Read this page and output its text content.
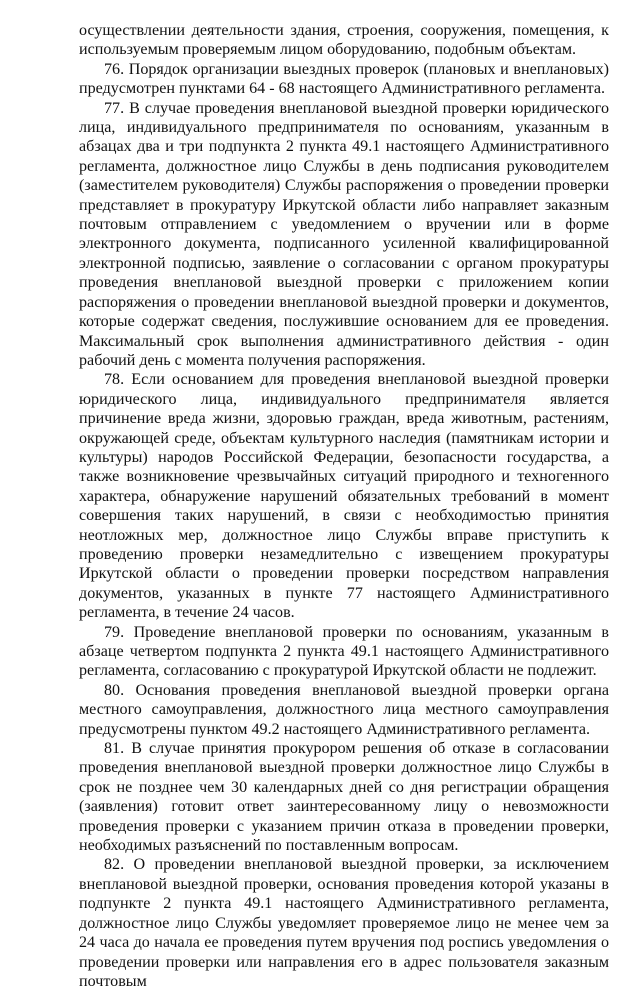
осуществлении деятельности здания, строения, сооружения, помещения, к используемым проверяемым лицом оборудованию, подобным объектам.

76. Порядок организации выездных проверок (плановых и внеплановых) предусмотрен пунктами 64 - 68 настоящего Административного регламента.

77. В случае проведения внеплановой выездной проверки юридического лица, индивидуального предпринимателя по основаниям, указанным в абзацах два и три подпункта 2 пункта 49.1 настоящего Административного регламента, должностное лицо Службы в день подписания руководителем (заместителем руководителя) Службы распоряжения о проведении проверки представляет в прокуратуру Иркутской области либо направляет заказным почтовым отправлением с уведомлением о вручении или в форме электронного документа, подписанного усиленной квалифицированной электронной подписью, заявление о согласовании с органом прокуратуры проведения внеплановой выездной проверки с приложением копии распоряжения о проведении внеплановой выездной проверки и документов, которые содержат сведения, послужившие основанием для ее проведения. Максимальный срок выполнения административного действия - один рабочий день с момента получения распоряжения.

78. Если основанием для проведения внеплановой выездной проверки юридического лица, индивидуального предпринимателя является причинение вреда жизни, здоровью граждан, вреда животным, растениям, окружающей среде, объектам культурного наследия (памятникам истории и культуры) народов Российской Федерации, безопасности государства, а также возникновение чрезвычайных ситуаций природного и техногенного характера, обнаружение нарушений обязательных требований в момент совершения таких нарушений, в связи с необходимостью принятия неотложных мер, должностное лицо Службы вправе приступить к проведению проверки незамедлительно с извещением прокуратуры Иркутской области о проведении проверки посредством направления документов, указанных в пункте 77 настоящего Административного регламента, в течение 24 часов.

79. Проведение внеплановой проверки по основаниям, указанным в абзаце четвертом подпункта 2 пункта 49.1 настоящего Административного регламента, согласованию с прокуратурой Иркутской области не подлежит.

80. Основания проведения внеплановой выездной проверки органа местного самоуправления, должностного лица местного самоуправления предусмотрены пунктом 49.2 настоящего Административного регламента.

81. В случае принятия прокурором решения об отказе в согласовании проведения внеплановой выездной проверки должностное лицо Службы в срок не позднее чем 30 календарных дней со дня регистрации обращения (заявления) готовит ответ заинтересованному лицу о невозможности проведения проверки с указанием причин отказа в проведении проверки, необходимых разъяснений по поставленным вопросам.

82. О проведении внеплановой выездной проверки, за исключением внеплановой выездной проверки, основания проведения которой указаны в подпункте 2 пункта 49.1 настоящего Административного регламента, должностное лицо Службы уведомляет проверяемое лицо не менее чем за 24 часа до начала ее проведения путем вручения под роспись уведомления о проведении проверки или направления его в адрес пользователя заказным почтовым
